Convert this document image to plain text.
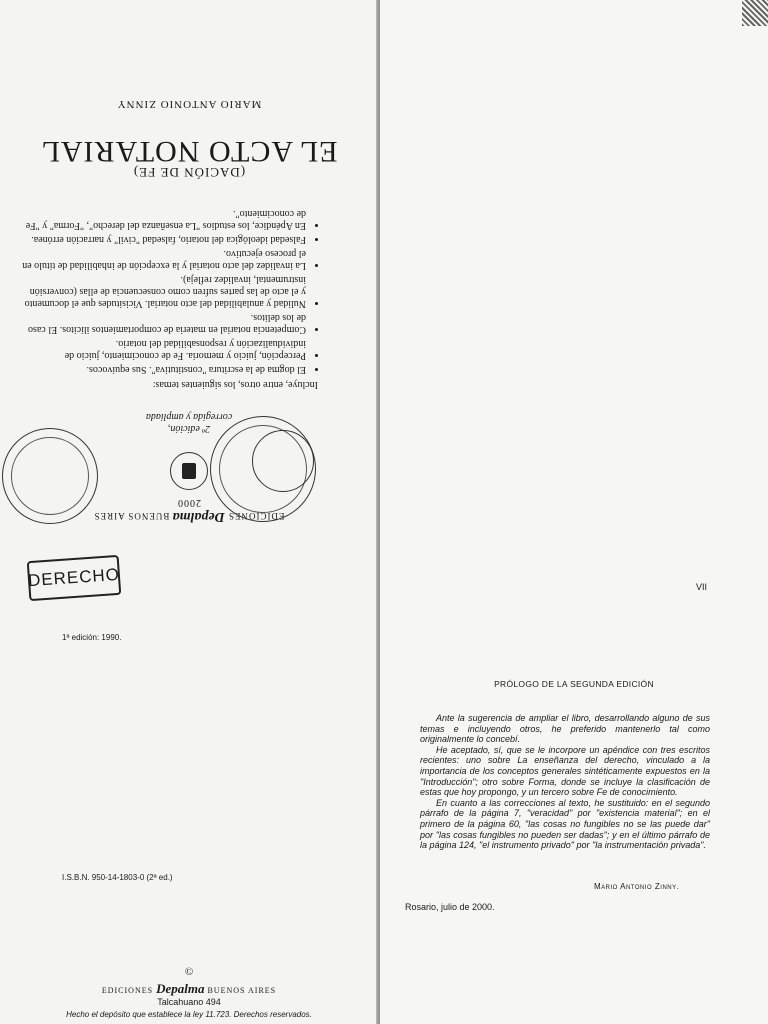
EDICIONES Depalma BUENOS AIRES
2000
2ª edición,
corregida y ampliada
Incluye, entre otros, los siguientes temas:
• El dogma de la escritura "constitutiva". Sus equívocos.
• Percepción, juicio y memoria. Fe de conocimiento, juicio de individualización y responsabilidad del notario.
• Competencia notarial en materia de comportamientos ilícitos. El caso de los delitos.
• Nulidad y anulabilidad del acto notarial. Vicisitudes que el documento y el acto de las partes sufren como consecuencia de ellas (conversión instrumental, invalidez refleja).
• La invalidez del acto notarial y la excepción de inhabilidad de título en el proceso ejecutivo.
• Falsedad ideológica del notario, falsedad "civil" y narración errónea.
• En Apéndice, los estudios "La enseñanza del derecho", "Forma" y "Fe de conocimiento".
(DACIÓN DE FE)
EL ACTO NOTARIAL
MARIO ANTONIO ZINNY
DERECHO
1ª edición: 1990.
I.S.B.N. 950-14-1803-0 (2ª ed.)
©
EDICIONES Depalma BUENOS AIRES
Talcahuano 494
Hecho el depósito que establece la ley 11.723. Derechos reservados.
VII
PRÓLOGO DE LA SEGUNDA EDICIÓN

Ante la sugerencia de ampliar el libro, desarrollando alguno de sus temas e incluyendo otros, he preferido mantenerlo tal como originalmente lo concebí.

He aceptado, sí, que se le incorpore un apéndice con tres escritos recientes: uno sobre La enseñanza del derecho, vinculado a la importancia de los conceptos generales sintéticamente expuestos en la "Introducción"; otro sobre Forma, donde se incluye la clasificación de estas que hoy propongo, y un tercero sobre Fe de conocimiento.

En cuanto a las correcciones al texto, he sustituido: en el segundo párrafo de la página 7, "veracidad" por "existencia material"; en el primero de la página 60, "las cosas no fungibles no se las puede dar" por "las cosas fungibles no pueden ser dadas"; y en el último párrafo de la página 124, "el instrumento privado" por "la instrumentación privada".

Mario Antonio Zinny.
Rosario, julio de 2000.
